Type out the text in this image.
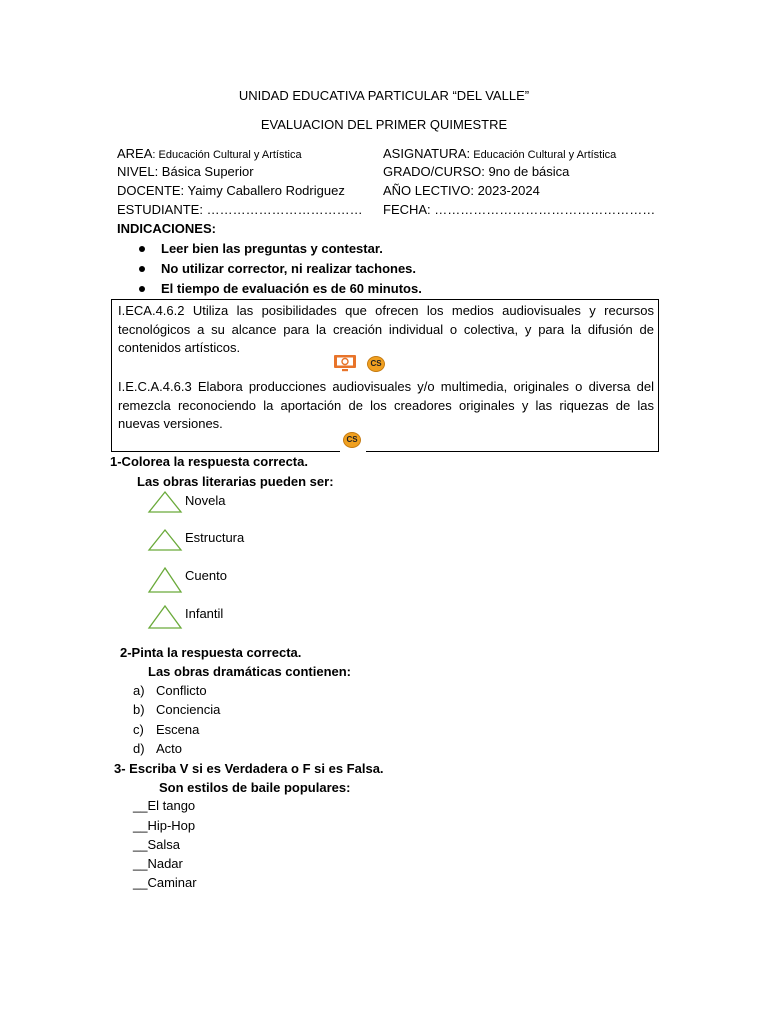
UNIDAD EDUCATIVA PARTICULAR “DEL VALLE”
EVALUACION DEL PRIMER QUIMESTRE
AREA: Educación Cultural y Artística	ASIGNATURA: Educación Cultural y Artística
NIVEL: Básica Superior	GRADO/CURSO: 9no de básica
DOCENTE: Yaimy Caballero Rodriguez	AÑO LECTIVO: 2023-2024
ESTUDIANTE: ……………………………… FECHA: ……………………………………………
INDICACIONES:
Leer bien las preguntas y contestar.
No utilizar corrector, ni realizar tachones.
El tiempo de evaluación es de 60 minutos.
I.ECA.4.6.2 Utiliza las posibilidades que ofrecen los medios audiovisuales y recursos tecnológicos a su alcance para la creación individual o colectiva, y para la difusión de contenidos artísticos.
I.E.C.A.4.6.3 Elabora producciones audiovisuales y/o multimedia, originales o diversa del remezcla reconociendo la aportación de los creadores originales y las riquezas de las nuevas versiones.
CS
CS
1-Colorea la respuesta correcta.
Las obras literarias pueden ser:
Novela
Estructura
Cuento
Infantil
2-Pinta la respuesta correcta.
Las obras dramáticas contienen:
a) Conflicto
b) Conciencia
c) Escena
d) Acto
3- Escriba V si es Verdadera o F si es Falsa.
Son estilos de baile populares:
__El tango
__Hip-Hop
__Salsa
__Nadar
__Caminar
